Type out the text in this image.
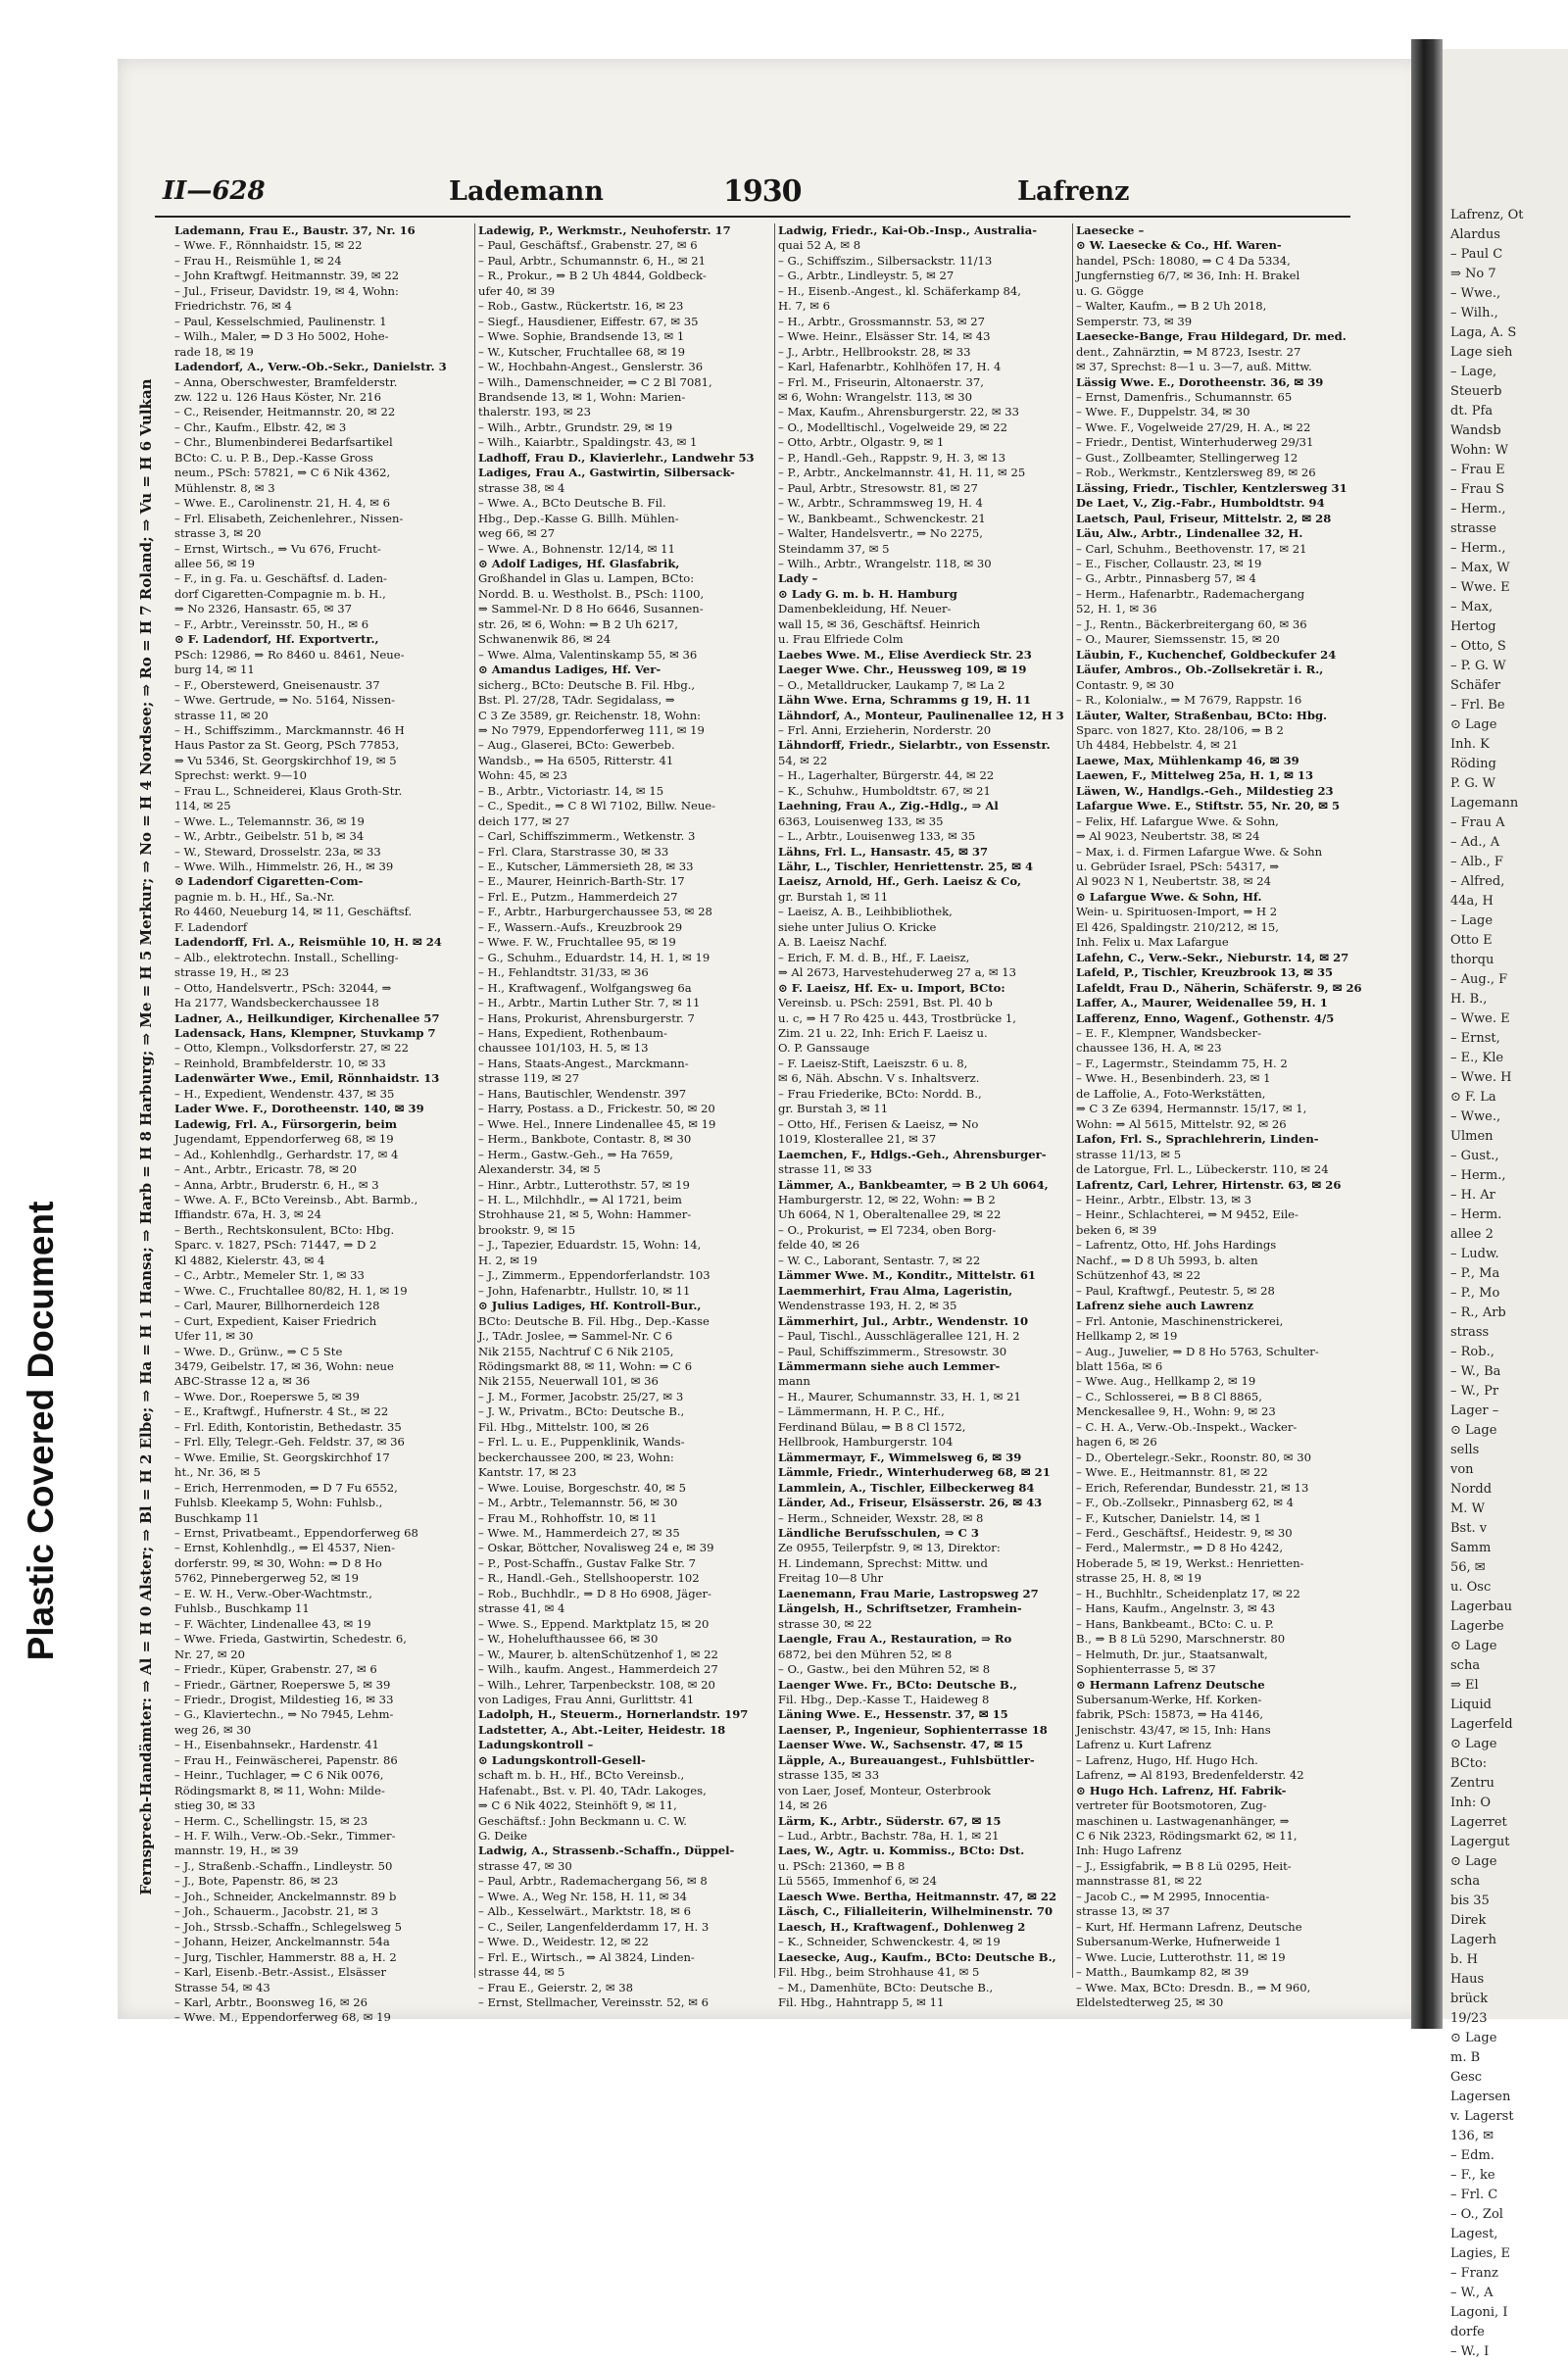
Plastic Covered Document
Lafrenz, Ot
Alardus
– Paul C
⇒ No 7
– Wwe.,
– Wilh.,
Laga, A. S
Lage sieh
– Lage,
Steuerb
dt. Pfa
Wandsb
Wohn: W
– Frau E
– Frau S
– Herm.,
strasse
– Herm.,
– Max, W
– Wwe. E
– Max,
Hertog
– Otto, S
– P. G. W
Schäfer
– Frl. Be
⊙ Lage
Inh. K
Röding
P. G. W
Lagemann
– Frau A
– Ad., A
– Alb., F
– Alfred,
44a, H
– Lage
Otto E
thorqu
– Aug., F
H. B.,
– Wwe. E
– Ernst,
– E., Kle
– Wwe. H
⊙ F. La
– Wwe.,
Ulmen
– Gust.,
– Herm.,
– H. Ar
– Herm.
allee 2
– Ludw.
– P., Ma
– P., Mo
– R., Arb
strass
– Rob.,
– W., Ba
– W., Pr
Lager –
⊙ Lage
sells
von
Nordd
M. W
Bst. v
Samm
56, ✉
u. Osc
Lagerbau
Lagerbe
⊙ Lage
scha
⇒ El
Liquid
Lagerfeld
⊙ Lage
BCto:
Zentru
Inh: O
Lagerret
Lagergut
⊙ Lage
scha
bis 35
Direk
Lagerh
b. H
Haus
brück
19/23
⊙ Lage
m. B
Gesc
Lagersen
v. Lagerst
136, ✉
– Edm.
– F., ke
– Frl. C
– O., Zol
Lagest,
Lagies, E
– Franz
– W., A
Lagoni, I
dorfe
– W., I
II—628	Lademann	1930	Lafrenz
Fernsprech-Handämter: ⇒ Al = H 0 Alster; ⇒ Bl = H 2 Elbe; ⇒ Ha = H 1 Hansa; ⇒ Harb = H 8 Harburg; ⇒ Me = H 5 Merkur; ⇒ No = H 4 Nordsee; ⇒ Ro = H 7 Roland; ⇒ Vu = H 6 Vulkan
Lademann, Frau E., Baustr. 37, Nr. 16
– Wwe. F., Rönnhaidstr. 15, ✉ 22
– Frau H., Reismühle 1, ✉ 24
– John Kraftwgf. Heitmannstr. 39, ✉ 22
– Jul., Friseur, Davidstr. 19, ✉ 4, Wohn:
Friedrichstr. 76, ✉ 4
– Paul, Kesselschmied, Paulinenstr. 1
– Wilh., Maler, ⇒ D 3 Ho 5002, Hohe-
rade 18, ✉ 19
Ladendorf, A., Verw.-Ob.-Sekr., Danielstr. 3
– Anna, Oberschwester, Bramfelderstr.
zw. 122 u. 126 Haus Köster, Nr. 216
– C., Reisender, Heitmannstr. 20, ✉ 22
– Chr., Kaufm., Elbstr. 42, ✉ 3
– Chr., Blumenbinderei Bedarfsartikel
BCto: C. u. P. B., Dep.-Kasse Gross
neum., PSch: 57821, ⇒ C 6 Nik 4362,
Mühlenstr. 8, ✉ 3
– Wwe. E., Carolinenstr. 21, H. 4, ✉ 6
– Frl. Elisabeth, Zeichenlehrer., Nissen-
strasse 3, ✉ 20
– Ernst, Wirtsch., ⇒ Vu 676, Frucht-
allee 56, ✉ 19
– F., in g. Fa. u. Geschäftsf. d. Laden-
dorf Cigaretten-Compagnie m. b. H.,
⇒ No 2326, Hansastr. 65, ✉ 37
– F., Arbtr., Vereinsstr. 50, H., ✉ 6
⊙ F. Ladendorf, Hf. Exportvertr.,
PSch: 12986, ⇒ Ro 8460 u. 8461, Neue-
burg 14, ✉ 11
– F., Oberstewerd, Gneisenaustr. 37
– Wwe. Gertrude, ⇒ No. 5164, Nissen-
strasse 11, ✉ 20
– H., Schiffszimm., Marckmannstr. 46 H
Haus Pastor za St. Georg, PSch 77853,
⇒ Vu 5346, St. Georgskirchhof 19, ✉ 5
Sprechst: werkt. 9—10
– Frau L., Schneiderei, Klaus Groth-Str.
114, ✉ 25
– Wwe. L., Telemannstr. 36, ✉ 19
– W., Arbtr., Geibelstr. 51 b, ✉ 34
– W., Steward, Drosselstr. 23a, ✉ 33
– Wwe. Wilh., Himmelstr. 26, H., ✉ 39
⊙ Ladendorf Cigaretten-Com-
pagnie m. b. H., Hf., Sa.-Nr.
Ro 4460, Neueburg 14, ✉ 11, Geschäftsf.
F. Ladendorf
Ladendorff, Frl. A., Reismühle 10, H. ✉ 24
– Alb., elektrotechn. Install., Schelling-
strasse 19, H., ✉ 23
– Otto, Handelsvertr., PSch: 32044, ⇒
Ha 2177, Wandsbeckerchaussee 18
Ladner, A., Heilkundiger, Kirchenallee 57
Ladensack, Hans, Klempner, Stuvkamp 7
– Otto, Klempn., Volksdorferstr. 27, ✉ 22
– Reinhold, Brambfelderstr. 10, ✉ 33
Ladenwärter Wwe., Emil, Rönnhaidstr. 13
– H., Expedient, Wendenstr. 437, ✉ 35
Lader Wwe. F., Dorotheenstr. 140, ✉ 39
Ladewig, Frl. A., Fürsorgerin, beim
Jugendamt, Eppendorferweg 68, ✉ 19
– Ad., Kohlenhdlg., Gerhardstr. 17, ✉ 4
– Ant., Arbtr., Ericastr. 78, ✉ 20
– Anna, Arbtr., Bruderstr. 6, H., ✉ 3
– Wwe. A. F., BCto Vereinsb., Abt. Barmb.,
Iffiandstr. 67a, H. 3, ✉ 24
– Berth., Rechtskonsulent, BCto: Hbg.
Sparc. v. 1827, PSch: 71447, ⇒ D 2
Kl 4882, Kielerstr. 43, ✉ 4
– C., Arbtr., Memeler Str. 1, ✉ 33
– Wwe. C., Fruchtallee 80/82, H. 1, ✉ 19
– Carl, Maurer, Billhornerdeich 128
– Curt, Expedient, Kaiser Friedrich
Ufer 11, ✉ 30
– Wwe. D., Grünw., ⇒ C 5 Ste
3479, Geibelstr. 17, ✉ 36, Wohn: neue
ABC-Strasse 12 a, ✉ 36
– Wwe. Dor., Roeperswe 5, ✉ 39
– E., Kraftwgf., Hufnerstr. 4 St., ✉ 22
– Frl. Edith, Kontoristin, Bethedastr. 35
– Frl. Elly, Telegr.-Geh. Feldstr. 37, ✉ 36
– Wwe. Emilie, St. Georgskirchhof 17
ht., Nr. 36, ✉ 5
– Erich, Herrenmoden, ⇒ D 7 Fu 6552,
Fuhlsb. Kleekamp 5, Wohn: Fuhlsb.,
Buschkamp 11
– Ernst, Privatbeamt., Eppendorferweg 68
– Ernst, Kohlenhdlg., ⇒ El 4537, Nien-
dorferstr. 99, ✉ 30, Wohn: ⇒ D 8 Ho
5762, Pinnebergerweg 52, ✉ 19
– E. W. H., Verw.-Ober-Wachtmstr.,
Fuhlsb., Buschkamp 11
– F. Wächter, Lindenallee 43, ✉ 19
– Wwe. Frieda, Gastwirtin, Schedestr. 6,
Nr. 27, ✉ 20
– Friedr., Küper, Grabenstr. 27, ✉ 6
– Friedr., Gärtner, Roeperswe 5, ✉ 39
– Friedr., Drogist, Mildestieg 16, ✉ 33
– G., Klaviertechn., ⇒ No 7945, Lehm-
weg 26, ✉ 30
– H., Eisenbahnsekr., Hardenstr. 41
– Frau H., Feinwäscherei, Papenstr. 86
– Heinr., Tuchlager, ⇒ C 6 Nik 0076,
Rödingsmarkt 8, ✉ 11, Wohn: Milde-
stieg 30, ✉ 33
– Herm. C., Schellingstr. 15, ✉ 23
– H. F. Wilh., Verw.-Ob.-Sekr., Timmer-
mannstr. 19, H., ✉ 39
– J., Straßenb.-Schaffn., Lindleystr. 50
– J., Bote, Papenstr. 86, ✉ 23
– Joh., Schneider, Anckelmannstr. 89 b
– Joh., Schauerm., Jacobstr. 21, ✉ 3
– Joh., Strssb.-Schaffn., Schlegelsweg 5
– Johann, Heizer, Anckelmannstr. 54a
– Jurg, Tischler, Hammerstr. 88 a, H. 2
– Karl, Eisenb.-Betr.-Assist., Elsässer
Strasse 54, ✉ 43
– Karl, Arbtr., Boonsweg 16, ✉ 26
– Wwe. M., Eppendorferweg 68, ✉ 19
Ladewig, P., Werkmstr., Neuhoferstr. 17
– Paul, Geschäftsf., Grabenstr. 27, ✉ 6
– Paul, Arbtr., Schumannstr. 6, H., ✉ 21
– R., Prokur., ⇒ B 2 Uh 4844, Goldbeck-
ufer 40, ✉ 39
– Rob., Gastw., Rückertstr. 16, ✉ 23
– Siegf., Hausdiener, Eiffestr. 67, ✉ 35
– Wwe. Sophie, Brandsende 13, ✉ 1
– W., Kutscher, Fruchtallee 68, ✉ 19
– W., Hochbahn-Angest., Genslerstr. 36
– Wilh., Damenschneider, ⇒ C 2 Bl 7081,
Brandsende 13, ✉ 1, Wohn: Marien-
thalerstr. 193, ✉ 23
– Wilh., Arbtr., Grundstr. 29, ✉ 19
– Wilh., Kaiarbtr., Spaldingstr. 43, ✉ 1
Ladhoff, Frau D., Klavierlehr., Landwehr 53
Ladiges, Frau A., Gastwirtin, Silbersack-
strasse 38, ✉ 4
– Wwe. A., BCto Deutsche B. Fil.
Hbg., Dep.-Kasse G. Billh. Mühlen-
weg 66, ✉ 27
– Wwe. A., Bohnenstr. 12/14, ✉ 11
⊙ Adolf Ladiges, Hf. Glasfabrik,
Großhandel in Glas u. Lampen, BCto:
Nordd. B. u. Westholst. B., PSch: 1100,
⇒ Sammel-Nr. D 8 Ho 6646, Susannen-
str. 26, ✉ 6, Wohn: ⇒ B 2 Uh 6217,
Schwanenwik 86, ✉ 24
– Wwe. Alma, Valentinskamp 55, ✉ 36
⊙ Amandus Ladiges, Hf. Ver-
sicherg., BCto: Deutsche B. Fil. Hbg.,
Bst. Pl. 27/28, TAdr. Segidalass, ⇒
C 3 Ze 3589, gr. Reichenstr. 18, Wohn:
⇒ No 7979, Eppendorferweg 111, ✉ 19
– Aug., Glaserei, BCto: Gewerbeb.
Wandsb., ⇒ Ha 6505, Ritterstr. 41
Wohn: 45, ✉ 23
– B., Arbtr., Victoriastr. 14, ✉ 15
– C., Spedit., ⇒ C 8 Wl 7102, Billw. Neue-
deich 177, ✉ 27
– Carl, Schiffszimmerm., Wetkenstr. 3
– Frl. Clara, Starstrasse 30, ✉ 33
– E., Kutscher, Lämmersieth 28, ✉ 33
– E., Maurer, Heinrich-Barth-Str. 17
– Frl. E., Putzm., Hammerdeich 27
– F., Arbtr., Harburgerchaussee 53, ✉ 28
– F., Wassern.-Aufs., Kreuzbrook 29
– Wwe. F. W., Fruchtallee 95, ✉ 19
– G., Schuhm., Eduardstr. 14, H. 1, ✉ 19
– H., Fehlandtstr. 31/33, ✉ 36
– H., Kraftwagenf., Wolfgangsweg 6a
– H., Arbtr., Martin Luther Str. 7, ✉ 11
– Hans, Prokurist, Ahrensburgerstr. 7
– Hans, Expedient, Rothenbaum-
chaussee 101/103, H. 5, ✉ 13
– Hans, Staats-Angest., Marckmann-
strasse 119, ✉ 27
– Hans, Bautischler, Wendenstr. 397
– Harry, Postass. a D., Frickestr. 50, ✉ 20
– Wwe. Hel., Innere Lindenallee 45, ✉ 19
– Herm., Bankbote, Contastr. 8, ✉ 30
– Herm., Gastw.-Geh., ⇒ Ha 7659,
Alexanderstr. 34, ✉ 5
– Hinr., Arbtr., Lutterothstr. 57, ✉ 19
– H. L., Milchhdlr., ⇒ Al 1721, beim
Strohhause 21, ✉ 5, Wohn: Hammer-
brookstr. 9, ✉ 15
– J., Tapezier, Eduardstr. 15, Wohn: 14,
H. 2, ✉ 19
– J., Zimmerm., Eppendorferlandstr. 103
– John, Hafenarbtr., Hullstr. 10, ✉ 11
⊙ Julius Ladiges, Hf. Kontroll-Bur.,
BCto: Deutsche B. Fil. Hbg., Dep.-Kasse
J., TAdr. Joslee, ⇒ Sammel-Nr. C 6
Nik 2155, Nachtruf C 6 Nik 2105,
Rödingsmarkt 88, ✉ 11, Wohn: ⇒ C 6
Nik 2155, Neuerwall 101, ✉ 36
– J. M., Former, Jacobstr. 25/27, ✉ 3
– J. W., Privatm., BCto: Deutsche B.,
Fil. Hbg., Mittelstr. 100, ✉ 26
– Frl. L. u. E., Puppenklinik, Wands-
beckerchaussee 200, ✉ 23, Wohn:
Kantstr. 17, ✉ 23
– Wwe. Louise, Borgeschstr. 40, ✉ 5
– M., Arbtr., Telemannstr. 56, ✉ 30
– Frau M., Rohhoffstr. 10, ✉ 11
– Wwe. M., Hammerdeich 27, ✉ 35
– Oskar, Böttcher, Novalisweg 24 e, ✉ 39
– P., Post-Schaffn., Gustav Falke Str. 7
– R., Handl.-Geh., Stellshooperstr. 102
– Rob., Buchhdlr., ⇒ D 8 Ho 6908, Jäger-
strasse 41, ✉ 4
– Wwe. S., Eppend. Marktplatz 15, ✉ 20
– W., Hohelufthaussee 66, ✉ 30
– W., Maurer, b. altenSchützenhof 1, ✉ 22
– Wilh., kaufm. Angest., Hammerdeich 27
– Wilh., Lehrer, Tarpenbeckstr. 108, ✉ 20
von Ladiges, Frau Anni, Gurlittstr. 41
Ladolph, H., Steuerm., Hornerlandstr. 197
Ladstetter, A., Abt.-Leiter, Heidestr. 18
Ladungskontroll –
⊙ Ladungskontroll-Gesell-
schaft m. b. H., Hf., BCto Vereinsb.,
Hafenabt., Bst. v. Pl. 40, TAdr. Lakoges,
⇒ C 6 Nik 4022, Steinhöft 9, ✉ 11,
Geschäftsf.: John Beckmann u. C. W.
G. Deike
Ladwig, A., Strassenb.-Schaffn., Düppel-
strasse 47, ✉ 30
– Paul, Arbtr., Rademachergang 56, ✉ 8
– Wwe. A., Weg Nr. 158, H. 11, ✉ 34
– Alb., Kesselwärt., Marktstr. 18, ✉ 6
– C., Seiler, Langenfelderdamm 17, H. 3
– Wwe. D., Weidestr. 12, ✉ 22
– Frl. E., Wirtsch., ⇒ Al 3824, Linden-
strasse 44, ✉ 5
– Frau E., Geierstr. 2, ✉ 38
– Ernst, Stellmacher, Vereinsstr. 52, ✉ 6
Ladwig, Friedr., Kai-Ob.-Insp., Australia-
quai 52 A, ✉ 8
– G., Schiffszim., Silbersackstr. 11/13
– G., Arbtr., Lindleystr. 5, ✉ 27
– H., Eisenb.-Angest., kl. Schäferkamp 84,
H. 7, ✉ 6
– H., Arbtr., Grossmannstr. 53, ✉ 27
– Wwe. Heinr., Elsässer Str. 14, ✉ 43
– J., Arbtr., Hellbrookstr. 28, ✉ 33
– Karl, Hafenarbtr., Kohlhöfen 17, H. 4
– Frl. M., Friseurin, Altonaerstr. 37,
✉ 6, Wohn: Wrangelstr. 113, ✉ 30
– Max, Kaufm., Ahrensburgerstr. 22, ✉ 33
– O., Modelltischl., Vogelweide 29, ✉ 22
– Otto, Arbtr., Olgastr. 9, ✉ 1
– P., Handl.-Geh., Rappstr. 9, H. 3, ✉ 13
– P., Arbtr., Anckelmannstr. 41, H. 11, ✉ 25
– Paul, Arbtr., Stresowstr. 81, ✉ 27
– W., Arbtr., Schrammsweg 19, H. 4
– W., Bankbeamt., Schwenckestr. 21
– Walter, Handelsvertr., ⇒ No 2275,
Steindamm 37, ✉ 5
– Wilh., Arbtr., Wrangelstr. 118, ✉ 30
Lady –
⊙ Lady G. m. b. H. Hamburg
Damenbekleidung, Hf. Neuer-
wall 15, ✉ 36, Geschäftsf. Heinrich
u. Frau Elfriede Colm
Laebes Wwe. M., Elise Averdieck Str. 23
Laeger Wwe. Chr., Heussweg 109, ✉ 19
– O., Metalldrucker, Laukamp 7, ✉ La 2
Lähn Wwe. Erna, Schramms g 19, H. 11
Lähndorf, A., Monteur, Paulinenallee 12, H 3
– Frl. Anni, Erzieherin, Norderstr. 20
Lähndorff, Friedr., Sielarbtr., von Essenstr.
54, ✉ 22
– H., Lagerhalter, Bürgerstr. 44, ✉ 22
– K., Schuhw., Humboldtstr. 67, ✉ 21
Laehning, Frau A., Zig.-Hdlg., ⇒ Al
6363, Louisenweg 133, ✉ 35
– L., Arbtr., Louisenweg 133, ✉ 35
Lähns, Frl. L., Hansastr. 45, ✉ 37
Lähr, L., Tischler, Henriettenstr. 25, ✉ 4
Laeisz, Arnold, Hf., Gerh. Laeisz & Co,
gr. Burstah 1, ✉ 11
– Laeisz, A. B., Leihbibliothek,
siehe unter Julius O. Kricke
A. B. Laeisz Nachf.
– Erich, F. M. d. B., Hf., F. Laeisz,
⇒ Al 2673, Harvestehuderweg 27 a, ✉ 13
⊙ F. Laeisz, Hf. Ex- u. Import, BCto:
Vereinsb. u. PSch: 2591, Bst. Pl. 40 b
u. c, ⇒ H 7 Ro 425 u. 443, Trostbrücke 1,
Zim. 21 u. 22, Inh: Erich F. Laeisz u.
O. P. Ganssauge
– F. Laeisz-Stift, Laeiszstr. 6 u. 8,
✉ 6, Näh. Abschn. V s. Inhaltsverz.
– Frau Friederike, BCto: Nordd. B.,
gr. Burstah 3, ✉ 11
– Otto, Hf., Ferisen & Laeisz, ⇒ No
1019, Klosterallee 21, ✉ 37
Laemchen, F., Hdlgs.-Geh., Ahrensburger-
strasse 11, ✉ 33
Lämmer, A., Bankbeamter, ⇒ B 2 Uh 6064,
Hamburgerstr. 12, ✉ 22, Wohn: ⇒ B 2
Uh 6064, N 1, Oberaltenallee 29, ✉ 22
– O., Prokurist, ⇒ El 7234, oben Borg-
felde 40, ✉ 26
– W. C., Laborant, Sentastr. 7, ✉ 22
Lämmer Wwe. M., Konditr., Mittelstr. 61
Laemmerhirt, Frau Alma, Lageristin,
Wendenstrasse 193, H. 2, ✉ 35
Lämmerhirt, Jul., Arbtr., Wendenstr. 10
– Paul, Tischl., Ausschlägerallee 121, H. 2
– Paul, Schiffszimmerm., Stresowstr. 30
Lämmermann siehe auch Lemmer-
mann
– H., Maurer, Schumannstr. 33, H. 1, ✉ 21
– Lämmermann, H. P. C., Hf.,
Ferdinand Bülau, ⇒ B 8 Cl 1572,
Hellbrook, Hamburgerstr. 104
Lämmermayr, F., Wimmelsweg 6, ✉ 39
Lämmle, Friedr., Winterhuderweg 68, ✉ 21
Lammlein, A., Tischler, Eilbeckerweg 84
Länder, Ad., Friseur, Elsässerstr. 26, ✉ 43
– Herm., Schneider, Wexstr. 28, ✉ 8
Ländliche Berufsschulen, ⇒ C 3
Ze 0955, Teilerpfstr. 9, ✉ 13, Direktor:
H. Lindemann, Sprechst: Mittw. und
Freitag 10—8 Uhr
Laenemann, Frau Marie, Lastropsweg 27
Längelsh, H., Schriftsetzer, Framhein-
strasse 30, ✉ 22
Laengle, Frau A., Restauration, ⇒ Ro
6872, bei den Mühren 52, ✉ 8
– O., Gastw., bei den Mühren 52, ✉ 8
Laenger Wwe. Fr., BCto: Deutsche B.,
Fil. Hbg., Dep.-Kasse T., Haideweg 8
Läning Wwe. E., Hessenstr. 37, ✉ 15
Laenser, P., Ingenieur, Sophienterrasse 18
Laenser Wwe. W., Sachsenstr. 47, ✉ 15
Läpple, A., Bureauangest., Fuhlsbüttler-
strasse 135, ✉ 33
von Laer, Josef, Monteur, Osterbrook
14, ✉ 26
Lärm, K., Arbtr., Süderstr. 67, ✉ 15
– Lud., Arbtr., Bachstr. 78a, H. 1, ✉ 21
Laes, W., Agtr. u. Kommiss., BCto: Dst.
u. PSch: 21360, ⇒ B 8
Lü 5565, Immenhof 6, ✉ 24
Laesch Wwe. Bertha, Heitmannstr. 47, ✉ 22
Läsch, C., Filialleiterin, Wilhelminenstr. 70
Laesch, H., Kraftwagenf., Dohlenweg 2
– K., Schneider, Schwenckestr. 4, ✉ 19
Laesecke, Aug., Kaufm., BCto: Deutsche B.,
Fil. Hbg., beim Strohhause 41, ✉ 5
– M., Damenhüte, BCto: Deutsche B.,
Fil. Hbg., Hahntrapp 5, ✉ 11
Laesecke –
⊙ W. Laesecke & Co., Hf. Waren-
handel, PSch: 18080, ⇒ C 4 Da 5334,
Jungfernstieg 6/7, ✉ 36, Inh: H. Brakel
u. G. Gögge
– Walter, Kaufm., ⇒ B 2 Uh 2018,
Semperstr. 73, ✉ 39
Laesecke-Bange, Frau Hildegard, Dr. med.
dent., Zahnärztin, ⇒ M 8723, Isestr. 27
✉ 37, Sprechst: 8—1 u. 3—7, auß. Mittw.
Lässig Wwe. E., Dorotheenstr. 36, ✉ 39
– Ernst, Damenfris., Schumannstr. 65
– Wwe. F., Duppelstr. 34, ✉ 30
– Wwe. F., Vogelweide 27/29, H. A., ✉ 22
– Friedr., Dentist, Winterhuderweg 29/31
– Gust., Zollbeamter, Stellingerweg 12
– Rob., Werkmstr., Kentzlersweg 89, ✉ 26
Lässing, Friedr., Tischler, Kentzlersweg 31
De Laet, V., Zig.-Fabr., Humboldtstr. 94
Laetsch, Paul, Friseur, Mittelstr. 2, ✉ 28
Läu, Alw., Arbtr., Lindenallee 32, H.
– Carl, Schuhm., Beethovenstr. 17, ✉ 21
– E., Fischer, Collaustr. 23, ✉ 19
– G., Arbtr., Pinnasberg 57, ✉ 4
– Herm., Hafenarbtr., Rademachergang
52, H. 1, ✉ 36
– J., Rentn., Bäckerbreitergang 60, ✉ 36
– O., Maurer, Siemssenstr. 15, ✉ 20
Läubin, F., Kuchenchef, Goldbeckufer 24
Läufer, Ambros., Ob.-Zollsekretär i. R.,
Contastr. 9, ✉ 30
– R., Kolonialw., ⇒ M 7679, Rappstr. 16
Läuter, Walter, Straßenbau, BCto: Hbg.
Sparc. von 1827, Kto. 28/106, ⇒ B 2
Uh 4484, Hebbelstr. 4, ✉ 21
Laewe, Max, Mühlenkamp 46, ✉ 39
Laewen, F., Mittelweg 25a, H. 1, ✉ 13
Läwen, W., Handlgs.-Geh., Mildestieg 23
Lafargue Wwe. E., Stiftstr. 55, Nr. 20, ✉ 5
– Felix, Hf. Lafargue Wwe. & Sohn,
⇒ Al 9023, Neubertstr. 38, ✉ 24
– Max, i. d. Firmen Lafargue Wwe. & Sohn
u. Gebrüder Israel, PSch: 54317, ⇒
Al 9023 N 1, Neubertstr. 38, ✉ 24
⊙ Lafargue Wwe. & Sohn, Hf.
Wein- u. Spirituosen-Import, ⇒ H 2
El 426, Spaldingstr. 210/212, ✉ 15,
Inh. Felix u. Max Lafargue
Lafehn, C., Verw.-Sekr., Nieburstr. 14, ✉ 27
Lafeld, P., Tischler, Kreuzbrook 13, ✉ 35
Lafeldt, Frau D., Näherin, Schäferstr. 9, ✉ 26
Laffer, A., Maurer, Weidenallee 59, H. 1
Lafferenz, Enno, Wagenf., Gothenstr. 4/5
– E. F., Klempner, Wandsbecker-
chaussee 136, H. A, ✉ 23
– F., Lagermstr., Steindamm 75, H. 2
– Wwe. H., Besenbinderh. 23, ✉ 1
de Laffolie, A., Foto-Werkstätten,
⇒ C 3 Ze 6394, Hermannstr. 15/17, ✉ 1,
Wohn: ⇒ Al 5615, Mittelstr. 92, ✉ 26
Lafon, Frl. S., Sprachlehrerin, Linden-
strasse 11/13, ✉ 5
de Latorgue, Frl. L., Lübeckerstr. 110, ✉ 24
Lafrentz, Carl, Lehrer, Hirtenstr. 63, ✉ 26
– Heinr., Arbtr., Elbstr. 13, ✉ 3
– Heinr., Schlachterei, ⇒ M 9452, Eile-
beken 6, ✉ 39
– Lafrentz, Otto, Hf. Johs Hardings
Nachf., ⇒ D 8 Uh 5993, b. alten
Schützenhof 43, ✉ 22
– Paul, Kraftwgf., Peutestr. 5, ✉ 28
Lafrenz siehe auch Lawrenz
– Frl. Antonie, Maschinenstrickerei,
Hellkamp 2, ✉ 19
– Aug., Juwelier, ⇒ D 8 Ho 5763, Schulter-
blatt 156a, ✉ 6
– Wwe. Aug., Hellkamp 2, ✉ 19
– C., Schlosserei, ⇒ B 8 Cl 8865,
Menckesallee 9, H., Wohn: 9, ✉ 23
– C. H. A., Verw.-Ob.-Inspekt., Wacker-
hagen 6, ✉ 26
– D., Obertelegr.-Sekr., Roonstr. 80, ✉ 30
– Wwe. E., Heitmannstr. 81, ✉ 22
– Erich, Referendar, Bundesstr. 21, ✉ 13
– F., Ob.-Zollsekr., Pinnasberg 62, ✉ 4
– F., Kutscher, Danielstr. 14, ✉ 1
– Ferd., Geschäftsf., Heidestr. 9, ✉ 30
– Ferd., Malermstr., ⇒ D 8 Ho 4242,
Hoberade 5, ✉ 19, Werkst.: Henrietten-
strasse 25, H. 8, ✉ 19
– H., Buchhltr., Scheidenplatz 17, ✉ 22
– Hans, Kaufm., Angelnstr. 3, ✉ 43
– Hans, Bankbeamt., BCto: C. u. P.
B., ⇒ B 8 Lü 5290, Marschnerstr. 80
– Helmuth, Dr. jur., Staatsanwalt,
Sophienterrasse 5, ✉ 37
⊙ Hermann Lafrenz Deutsche
Subersanum-Werke, Hf. Korken-
fabrik, PSch: 15873, ⇒ Ha 4146,
Jenischstr. 43/47, ✉ 15, Inh: Hans
Lafrenz u. Kurt Lafrenz
– Lafrenz, Hugo, Hf. Hugo Hch.
Lafrenz, ⇒ Al 8193, Bredenfelderstr. 42
⊙ Hugo Hch. Lafrenz, Hf. Fabrik-
vertreter für Bootsmotoren, Zug-
maschinen u. Lastwagenanhänger, ⇒
C 6 Nik 2323, Rödingsmarkt 62, ✉ 11,
Inh: Hugo Lafrenz
– J., Essigfabrik, ⇒ B 8 Lü 0295, Heit-
mannstrasse 81, ✉ 22
– Jacob C., ⇒ M 2995, Innocentia-
strasse 13, ✉ 37
– Kurt, Hf. Hermann Lafrenz, Deutsche
Subersanum-Werke, Hufnerweide 1
– Wwe. Lucie, Lutterothstr. 11, ✉ 19
– Matth., Baumkamp 82, ✉ 39
– Wwe. Max, BCto: Dresdn. B., ⇒ M 960,
Eldelstedterweg 25, ✉ 30
